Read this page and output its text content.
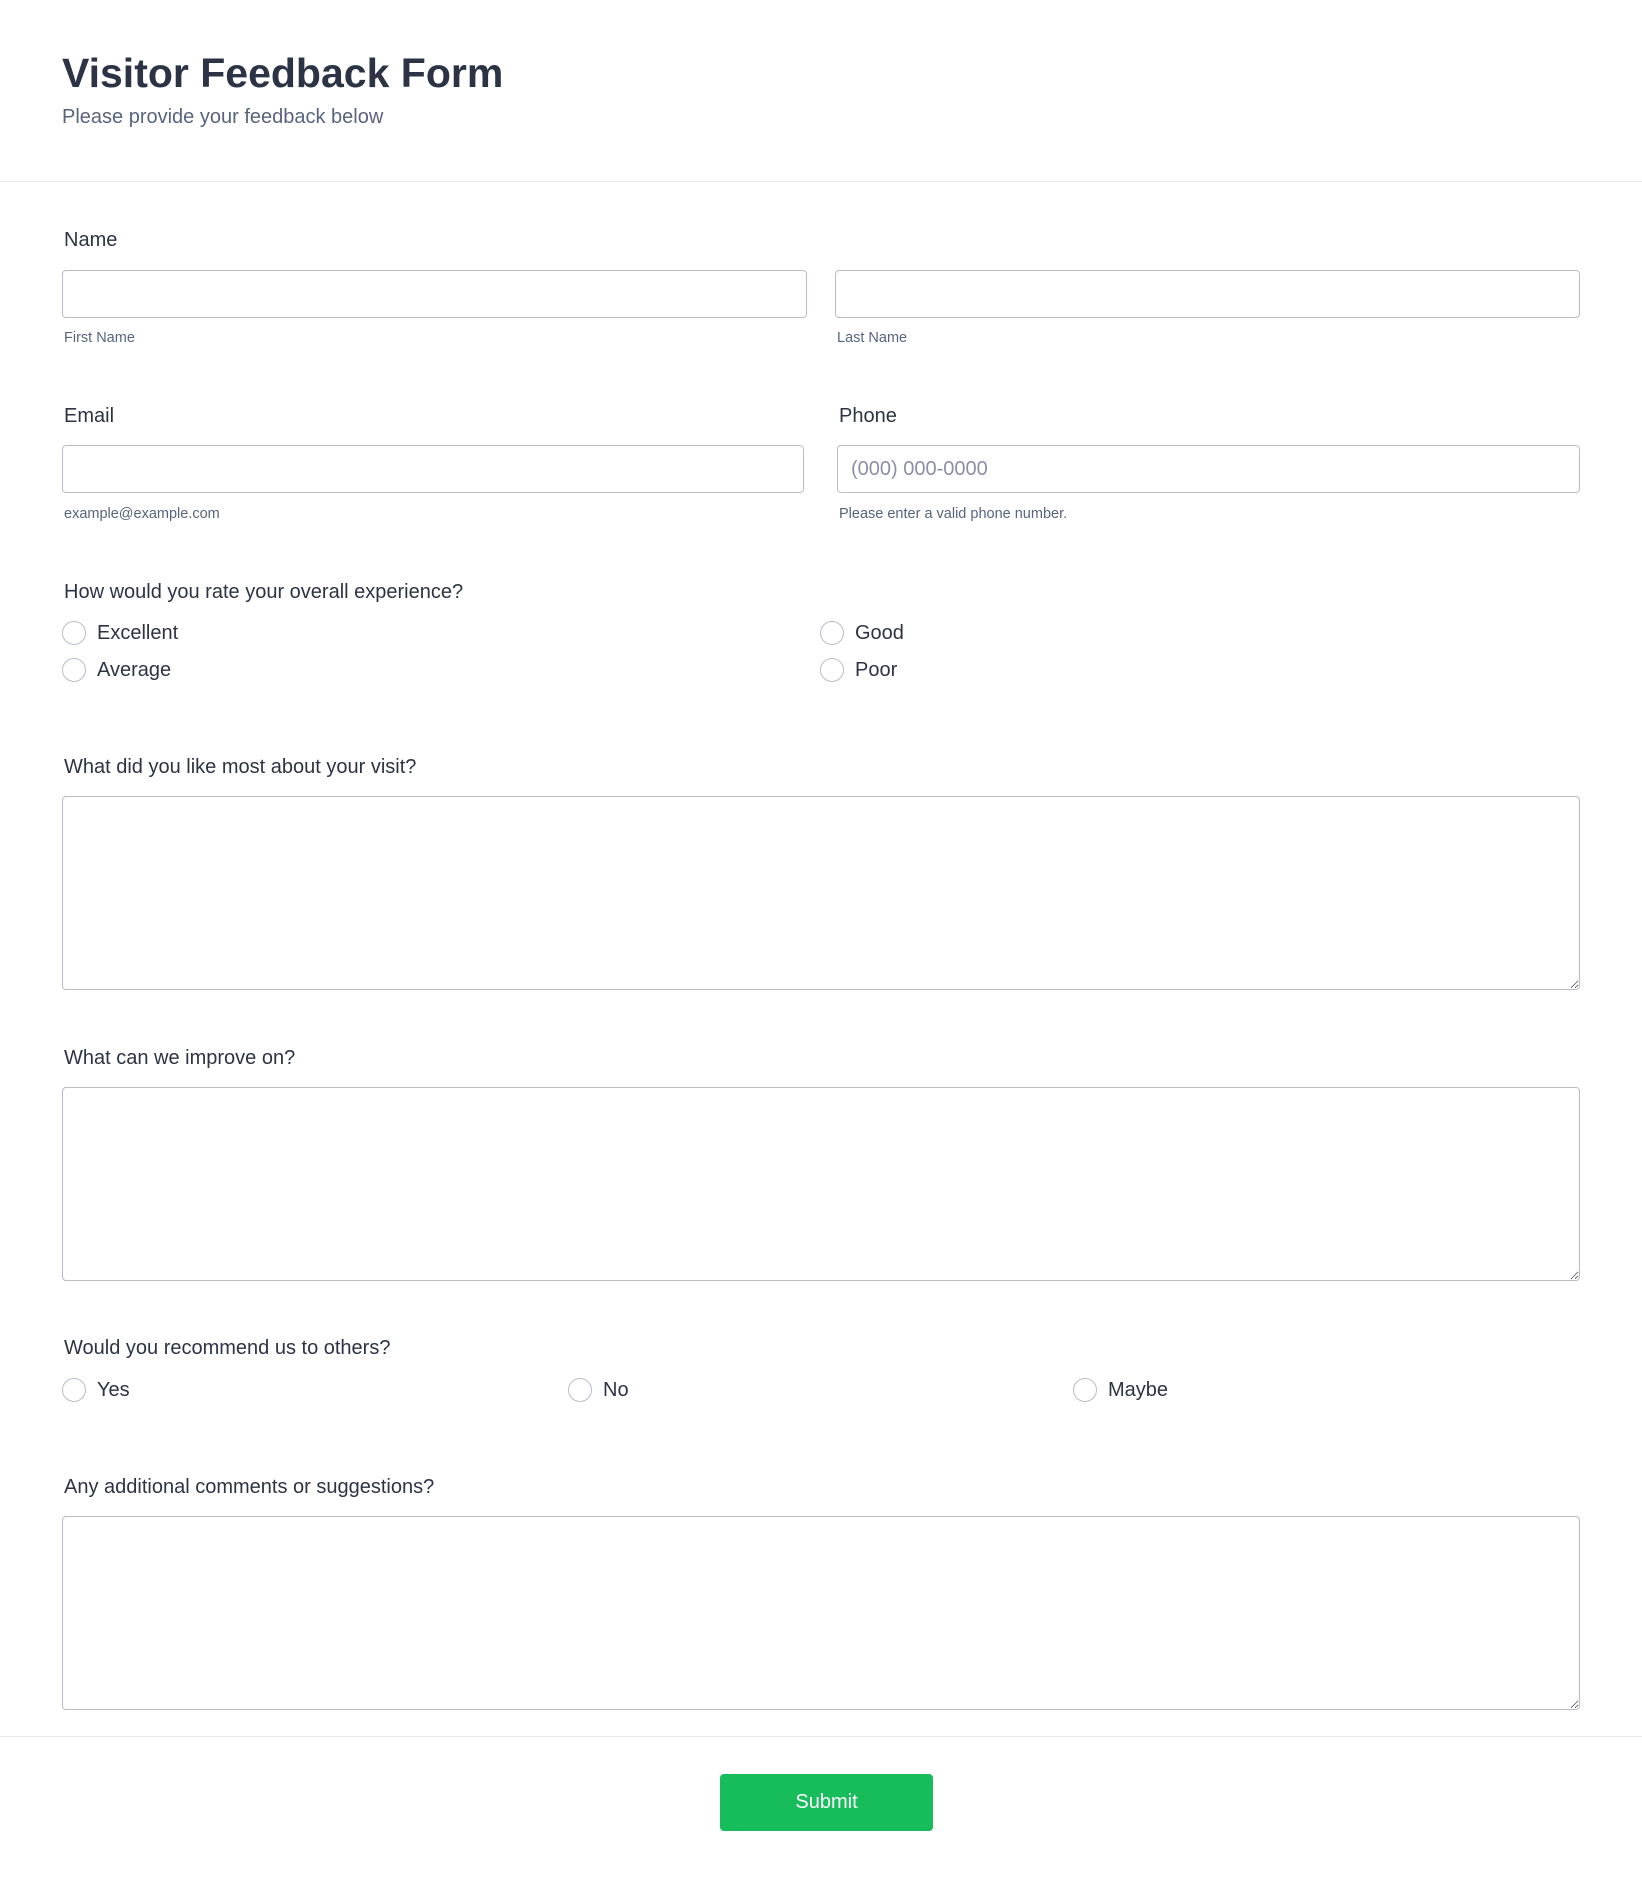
Visitor Feedback Form
Please provide your feedback below
Name
First Name	Last Name
Email
example@example.com
Phone
(000) 000-0000
Please enter a valid phone number.
How would you rate your overall experience?
Excellent	Good
Average	Poor
What did you like most about your visit?
What can we improve on?
Would you recommend us to others?
Yes	No	Maybe
Any additional comments or suggestions?
Submit
